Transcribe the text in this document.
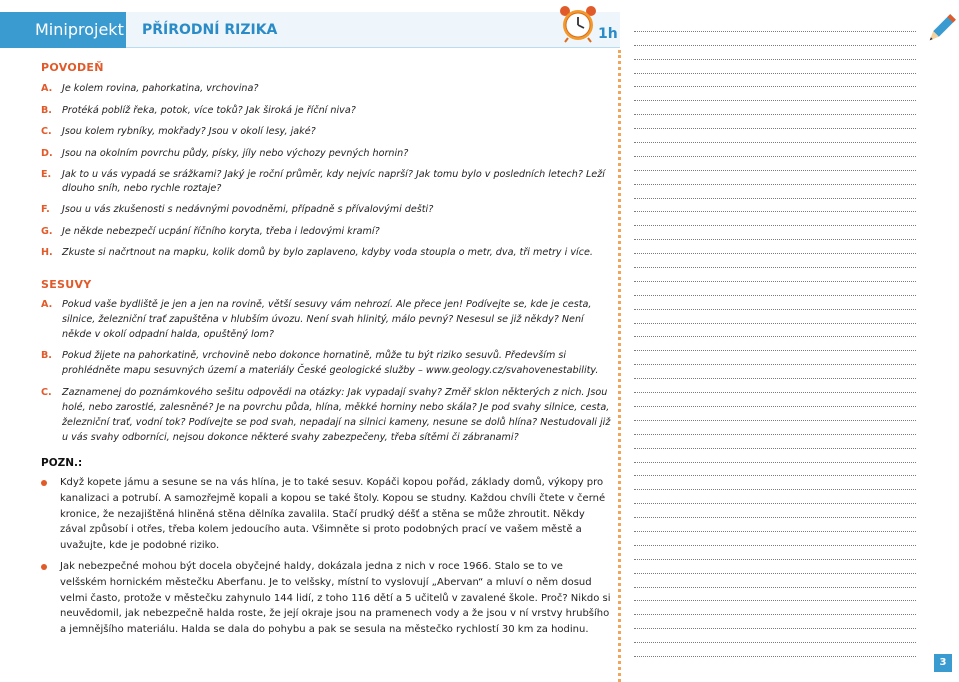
Miniprojekt PŘÍRODNÍ RIZIKA	1h
POVODEŇ
A. Je kolem rovina, pahorkatina, vrchovina?
B. Protéká poblíž řeka, potok, více toků? Jak široká je říční niva?
C. Jsou kolem rybníky, mokřady? Jsou v okolí lesy, jaké?
D. Jsou na okolním povrchu půdy, písky, jíly nebo výchozy pevných hornin?
E. Jak to u vás vypadá se srážkami? Jaký je roční průměr, kdy nejvíc naprší? Jak tomu bylo v posledních letech? Leží dlouho sníh, nebo rychle roztaje?
F. Jsou u vás zkušenosti s nedávnými povodněmi, případně s přívalovými dešti?
G. Je někde nebezpečí ucpání říčního koryta, třeba i ledovými kramí?
H. Zkuste si načrtnout na mapku, kolik domů by bylo zaplaveno, kdyby voda stoupla o metr, dva, tři metry i více.
SESUVY
A. Pokud vaše bydliště je jen a jen na rovině, větší sesuvy vám nehrozí. Ale přece jen! Podívejte se, kde je cesta, silnice, železniční trať zapuštěna v hlubším úvozu. Není svah hlinitý, málo pevný? Nesesul se již někdy? Není někde v okolí odpadní halda, opuštěný lom?
B. Pokud žijete na pahorkatině, vrchovině nebo dokonce hornatině, může tu být riziko sesuvů. Především si prohlédněte mapu sesuvných území a materiály České geologické služby – www.geology.cz/svahovenestability.
C. Zaznamenej do poznámkového sešitu odpovědi na otázky: Jak vypadají svahy? Změř sklon některých z nich. Jsou holé, nebo zarostlé, zalesněné? Je na povrchu půda, hlína, měkké horniny nebo skála? Je pod svahy silnice, cesta, železniční trať, vodní tok? Podívejte se pod svah, nepadají na silnici kameny, nesune se dolů hlína? Nestudovali již u vás svahy odborníci, nejsou dokonce některé svahy zabezpečeny, třeba sítěmi či zábranami?
POZN.:
Když kopete jámu a sesune se na vás hlína, je to také sesuv. Kopáči kopou pořád, základy domů, výkopy pro kanalizaci a potrubí. A samozřejmě kopali a kopou se také štoly. Kopou se studny. Každou chvíli čtete v černé kronice, že nezajištěná hliněná stěna dělníka zavalila. Stačí prudký déšť a stěna se může zhroutit. Někdy zával způsobí i otřes, třeba kolem jedoucího auta. Všimněte si proto podobných prací ve vašem městě a uvažujte, kde je podobné riziko.
Jak nebezpečné mohou být docela obyčejné haldy, dokázala jedna z nich v roce 1966. Stalo se to ve velšském hornickém městečku Aberfanu. Je to velšsky, místní to vyslovují „Abervan“ a mluví o něm dosud velmi často, protože v městečku zahynulo 144 lidí, z toho 116 dětí a 5 učitelů v zavalené škole. Proč? Nikdo si neuvědomil, jak nebezpečně halda roste, že její okraje jsou na pramenech vody a že jsou v ní vrstvy hrubšího a jemnějšího materiálu. Halda se dala do pohybu a pak se sesula na městečko rychlostí 30 km za hodinu.
3
